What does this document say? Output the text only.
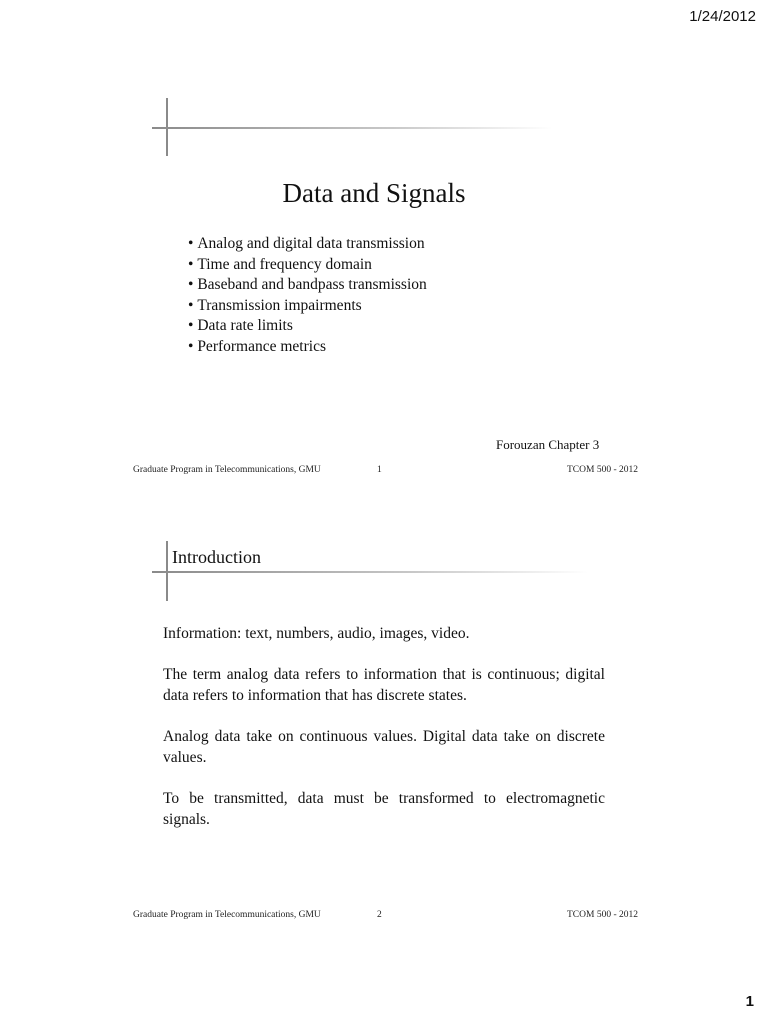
1/24/2012
Data and Signals
• Analog and digital data transmission
• Time and frequency domain
• Baseband and bandpass transmission
• Transmission impairments
• Data rate limits
• Performance metrics
Forouzan Chapter 3
Graduate Program in Telecommunications, GMU	1	TCOM 500 - 2012
Introduction

Information: text, numbers, audio, images, video.

The term analog data refers to information that is continuous; digital data refers to information that has discrete states.

Analog data take on continuous values. Digital data take on discrete values.

To be transmitted, data must be transformed to electromagnetic signals.

Graduate Program in Telecommunications, GMU	2	TCOM 500 - 2012
1
